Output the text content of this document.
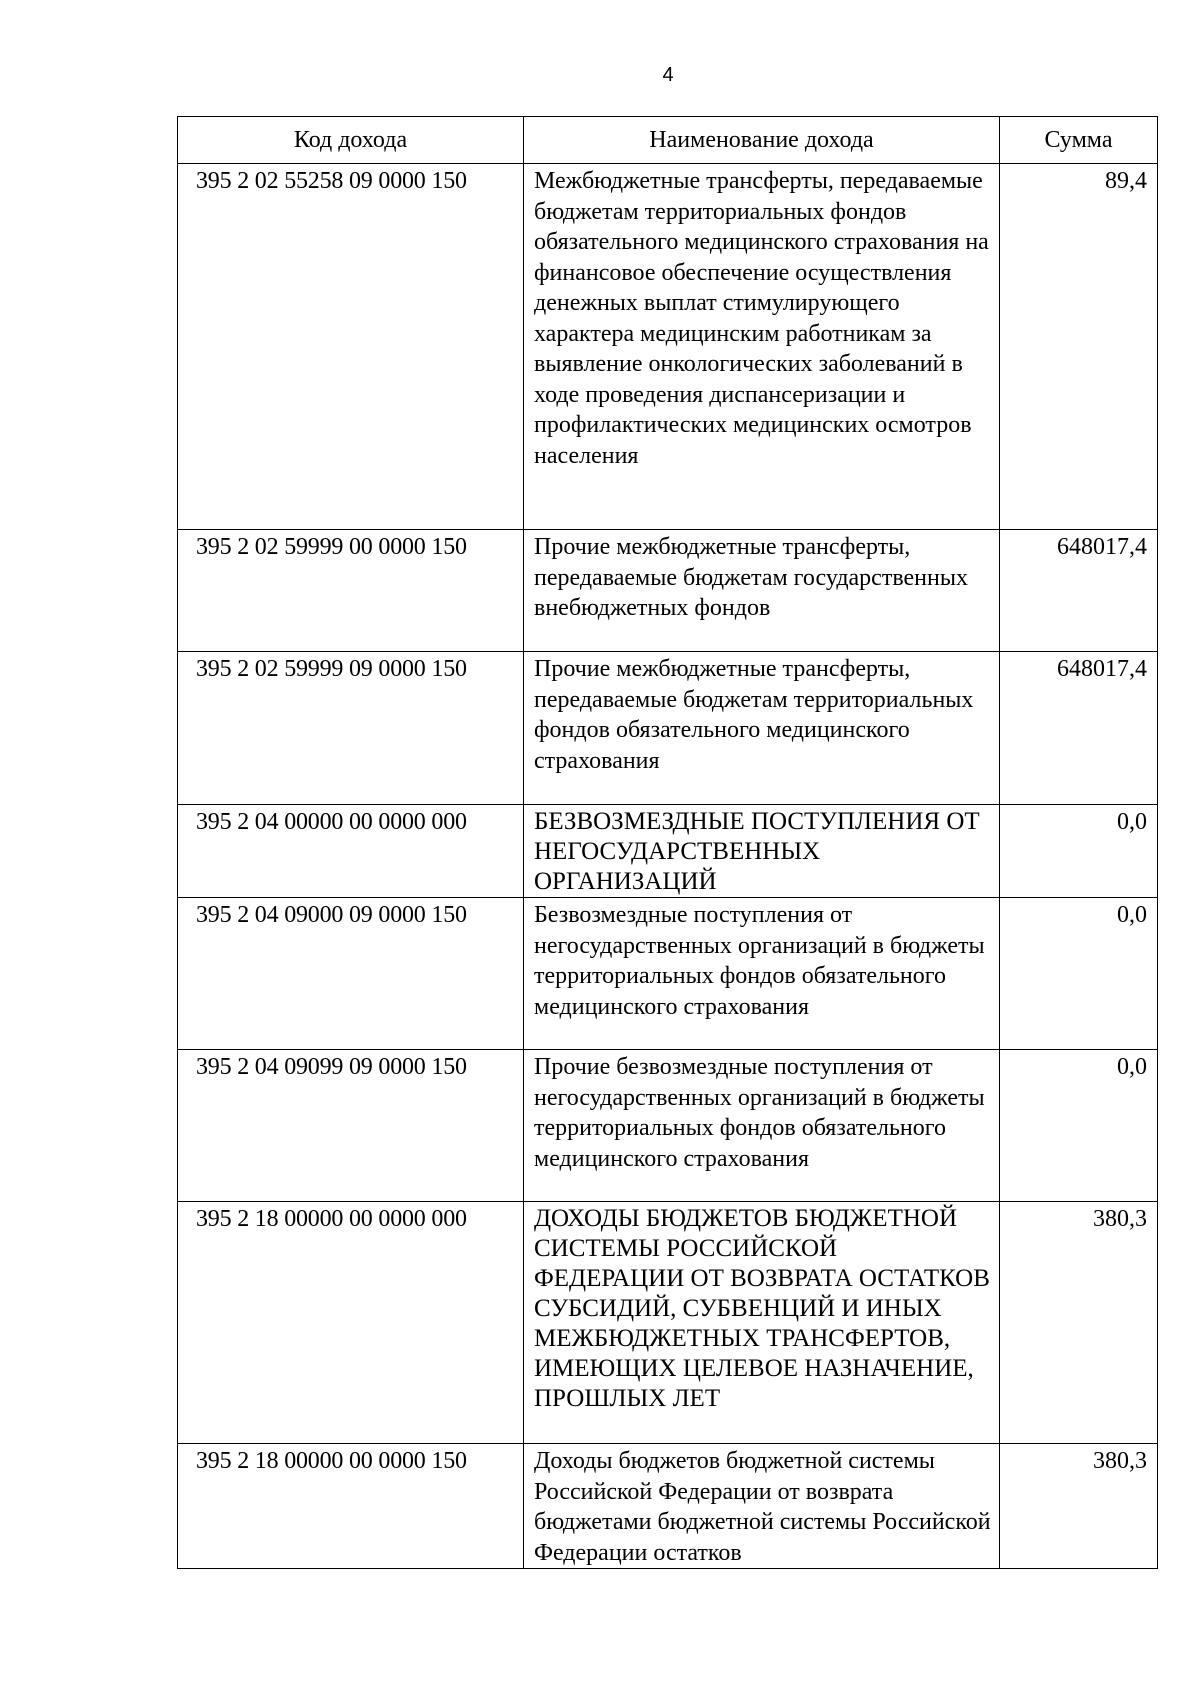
4
Код дохода	Наименование дохода	Сумма
395 2 02 55258 09 0000 150	Межбюджетные трансферты, передаваемые бюджетам территориальных фондов обязательного медицинского страхования на финансовое обеспечение осуществления денежных выплат стимулирующего характера медицинским работникам за выявление онкологических заболеваний в ходе проведения диспансеризации и профилактических медицинских осмотров населения	89,4
395 2 02 59999 00 0000 150	Прочие межбюджетные трансферты, передаваемые бюджетам государственных внебюджетных фондов	648017,4
395 2 02 59999 09 0000 150	Прочие межбюджетные трансферты, передаваемые бюджетам территориальных фондов обязательного медицинского страхования	648017,4
395 2 04 00000 00 0000 000	БЕЗВОЗМЕЗДНЫЕ ПОСТУПЛЕНИЯ ОТ НЕГОСУДАРСТВЕННЫХ ОРГАНИЗАЦИЙ	0,0
395 2 04 09000 09 0000 150	Безвозмездные поступления от негосударственных организаций в бюджеты территориальных фондов обязательного медицинского страхования	0,0
395 2 04 09099 09 0000 150	Прочие безвозмездные поступления от негосударственных организаций в бюджеты территориальных фондов обязательного медицинского страхования	0,0
395 2 18 00000 00 0000 000	ДОХОДЫ БЮДЖЕТОВ БЮДЖЕТНОЙ СИСТЕМЫ РОССИЙСКОЙ ФЕДЕРАЦИИ ОТ ВОЗВРАТА ОСТАТКОВ СУБСИДИЙ, СУБВЕНЦИЙ И ИНЫХ МЕЖБЮДЖЕТНЫХ ТРАНСФЕРТОВ, ИМЕЮЩИХ ЦЕЛЕВОЕ НАЗНАЧЕНИЕ, ПРОШЛЫХ ЛЕТ	380,3
395 2 18 00000 00 0000 150	Доходы бюджетов бюджетной системы Российской Федерации от возврата бюджетами бюджетной системы Российской Федерации остатков	380,3
